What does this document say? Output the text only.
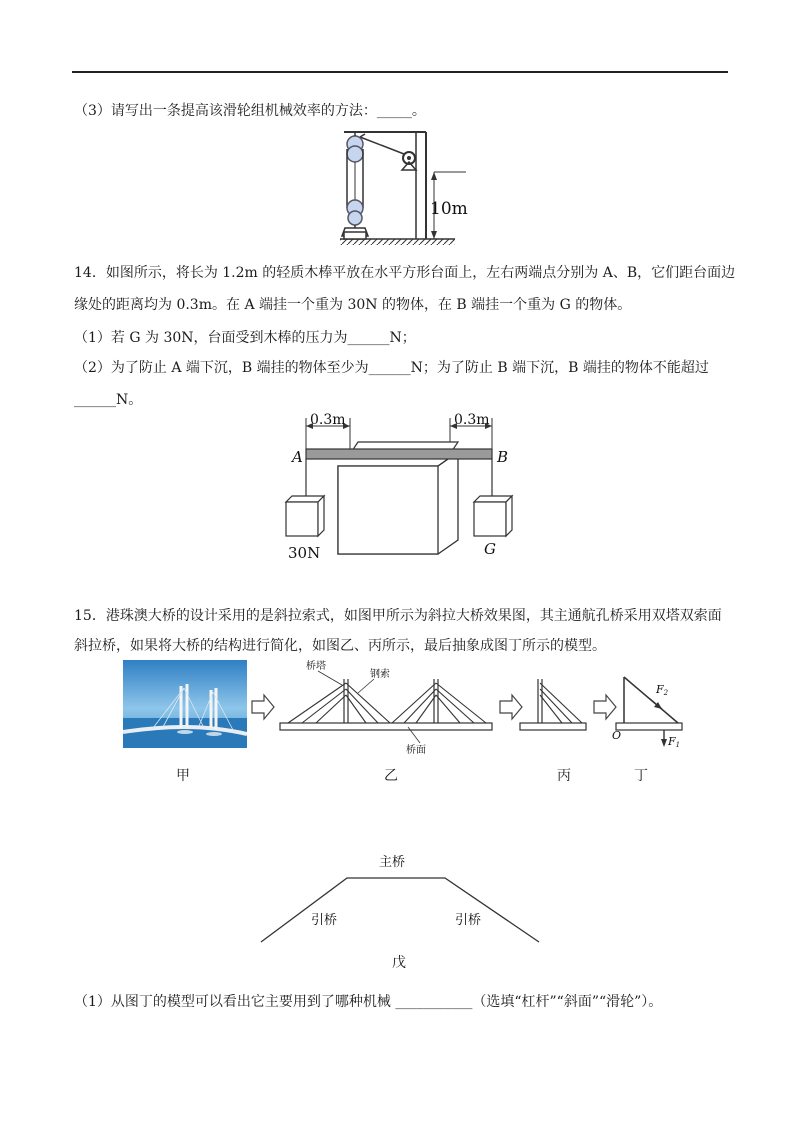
（3）请写出一条提高该滑轮组机械效率的方法：_____。
10m
14．如图所示，将长为 1.2m 的轻质木棒平放在水平方形台面上，左右两端点分别为 A、B，它们距台面边
缘处的距离均为 0.3m。在 A 端挂一个重为 30N 的物体，在 B 端挂一个重为 G 的物体。
（1）若 G 为 30N，台面受到木棒的压力为______N；
（2）为了防止 A 端下沉，B 端挂的物体至少为______N；为了防止 B 端下沉，B 端挂的物体不能超过
______N。
0.3m	0.3m
A	B
30N	G
15．港珠澳大桥的设计采用的是斜拉索式，如图甲所示为斜拉大桥效果图，其主通航孔桥采用双塔双索面
斜拉桥，如果将大桥的结构进行简化，如图乙、丙所示，最后抽象成图丁所示的模型。
桥塔
钢索
桥面
O
F2
F1
甲	乙	丙	丁
主桥
引桥	引桥
戊
（1）从图丁的模型可以看出它主要用到了哪种机械 ___________（选填“杠杆”“斜面”“滑轮”）。
